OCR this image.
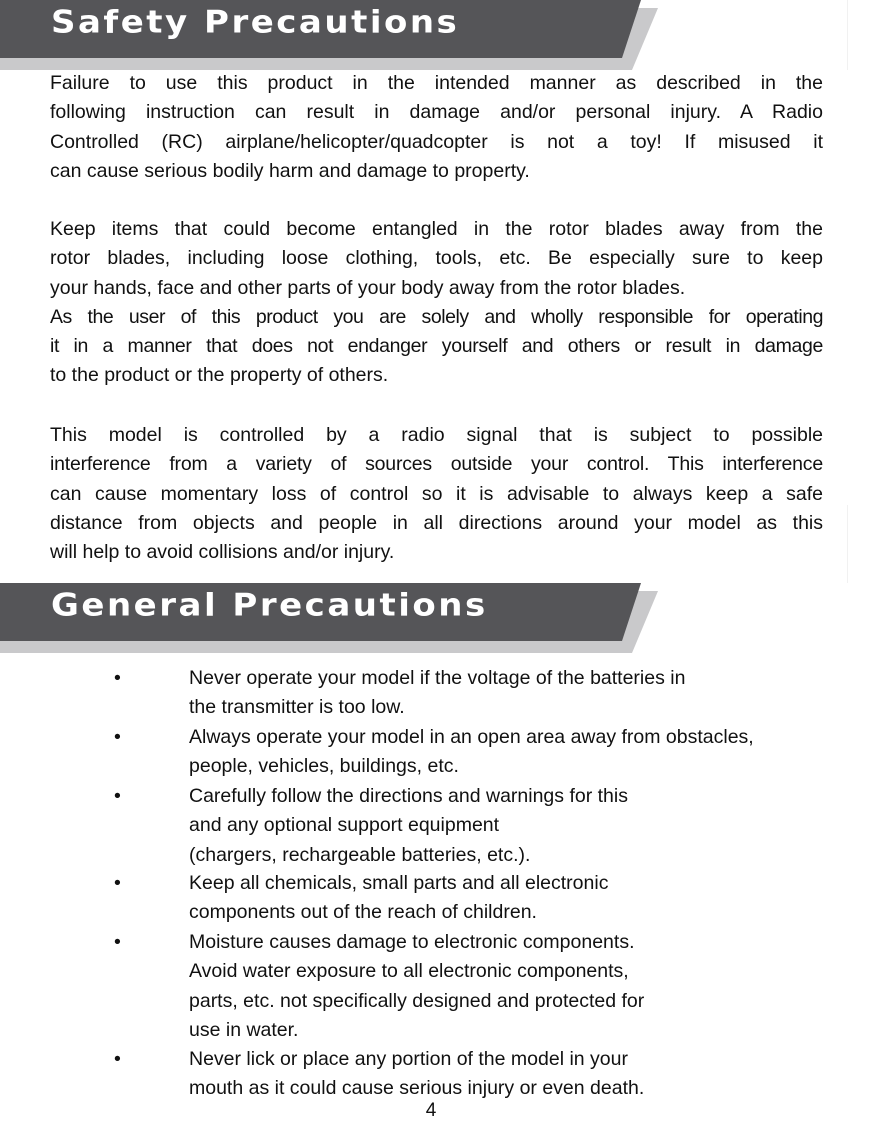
Safety Precautions

Failure to use this product in the intended manner as described in the
following instruction can result in damage and/or personal injury. A Radio
Controlled (RC) airplane/helicopter/quadcopter is not a toy! If misused it
can cause serious bodily harm and damage to property.

Keep items that could become entangled in the rotor blades away from the
rotor blades, including loose clothing, tools, etc. Be especially sure to keep
your hands, face and other parts of your body away from the rotor blades.
As the user of this product you are solely and wholly responsible for operating
it in a manner that does not endanger yourself and others or result in damage
to the product or the property of others.

This model is controlled by a radio signal that is subject to possible
interference from a variety of sources outside your control. This interference
can cause momentary loss of control so it is advisable to always keep a safe
distance from objects and people in all directions around your model as this
will help to avoid collisions and/or injury.

General Precautions
•	Never operate your model if the voltage of the batteries in the transmitter is too low.

•	Always operate your model in an open area away from obstacles, people, vehicles, buildings, etc.

•	Carefully follow the directions and warnings for this
and any optional support equipment
(chargers, rechargeable batteries, etc.).

•	Keep all chemicals, small parts and all electronic components out of the reach of children.

•	Moisture causes damage to electronic components.
Avoid water exposure to all electronic components,
parts, etc. not specifically designed and protected for
use in water.

•	Never lick or place any portion of the model in your
mouth as it could cause serious injury or even death.

4
